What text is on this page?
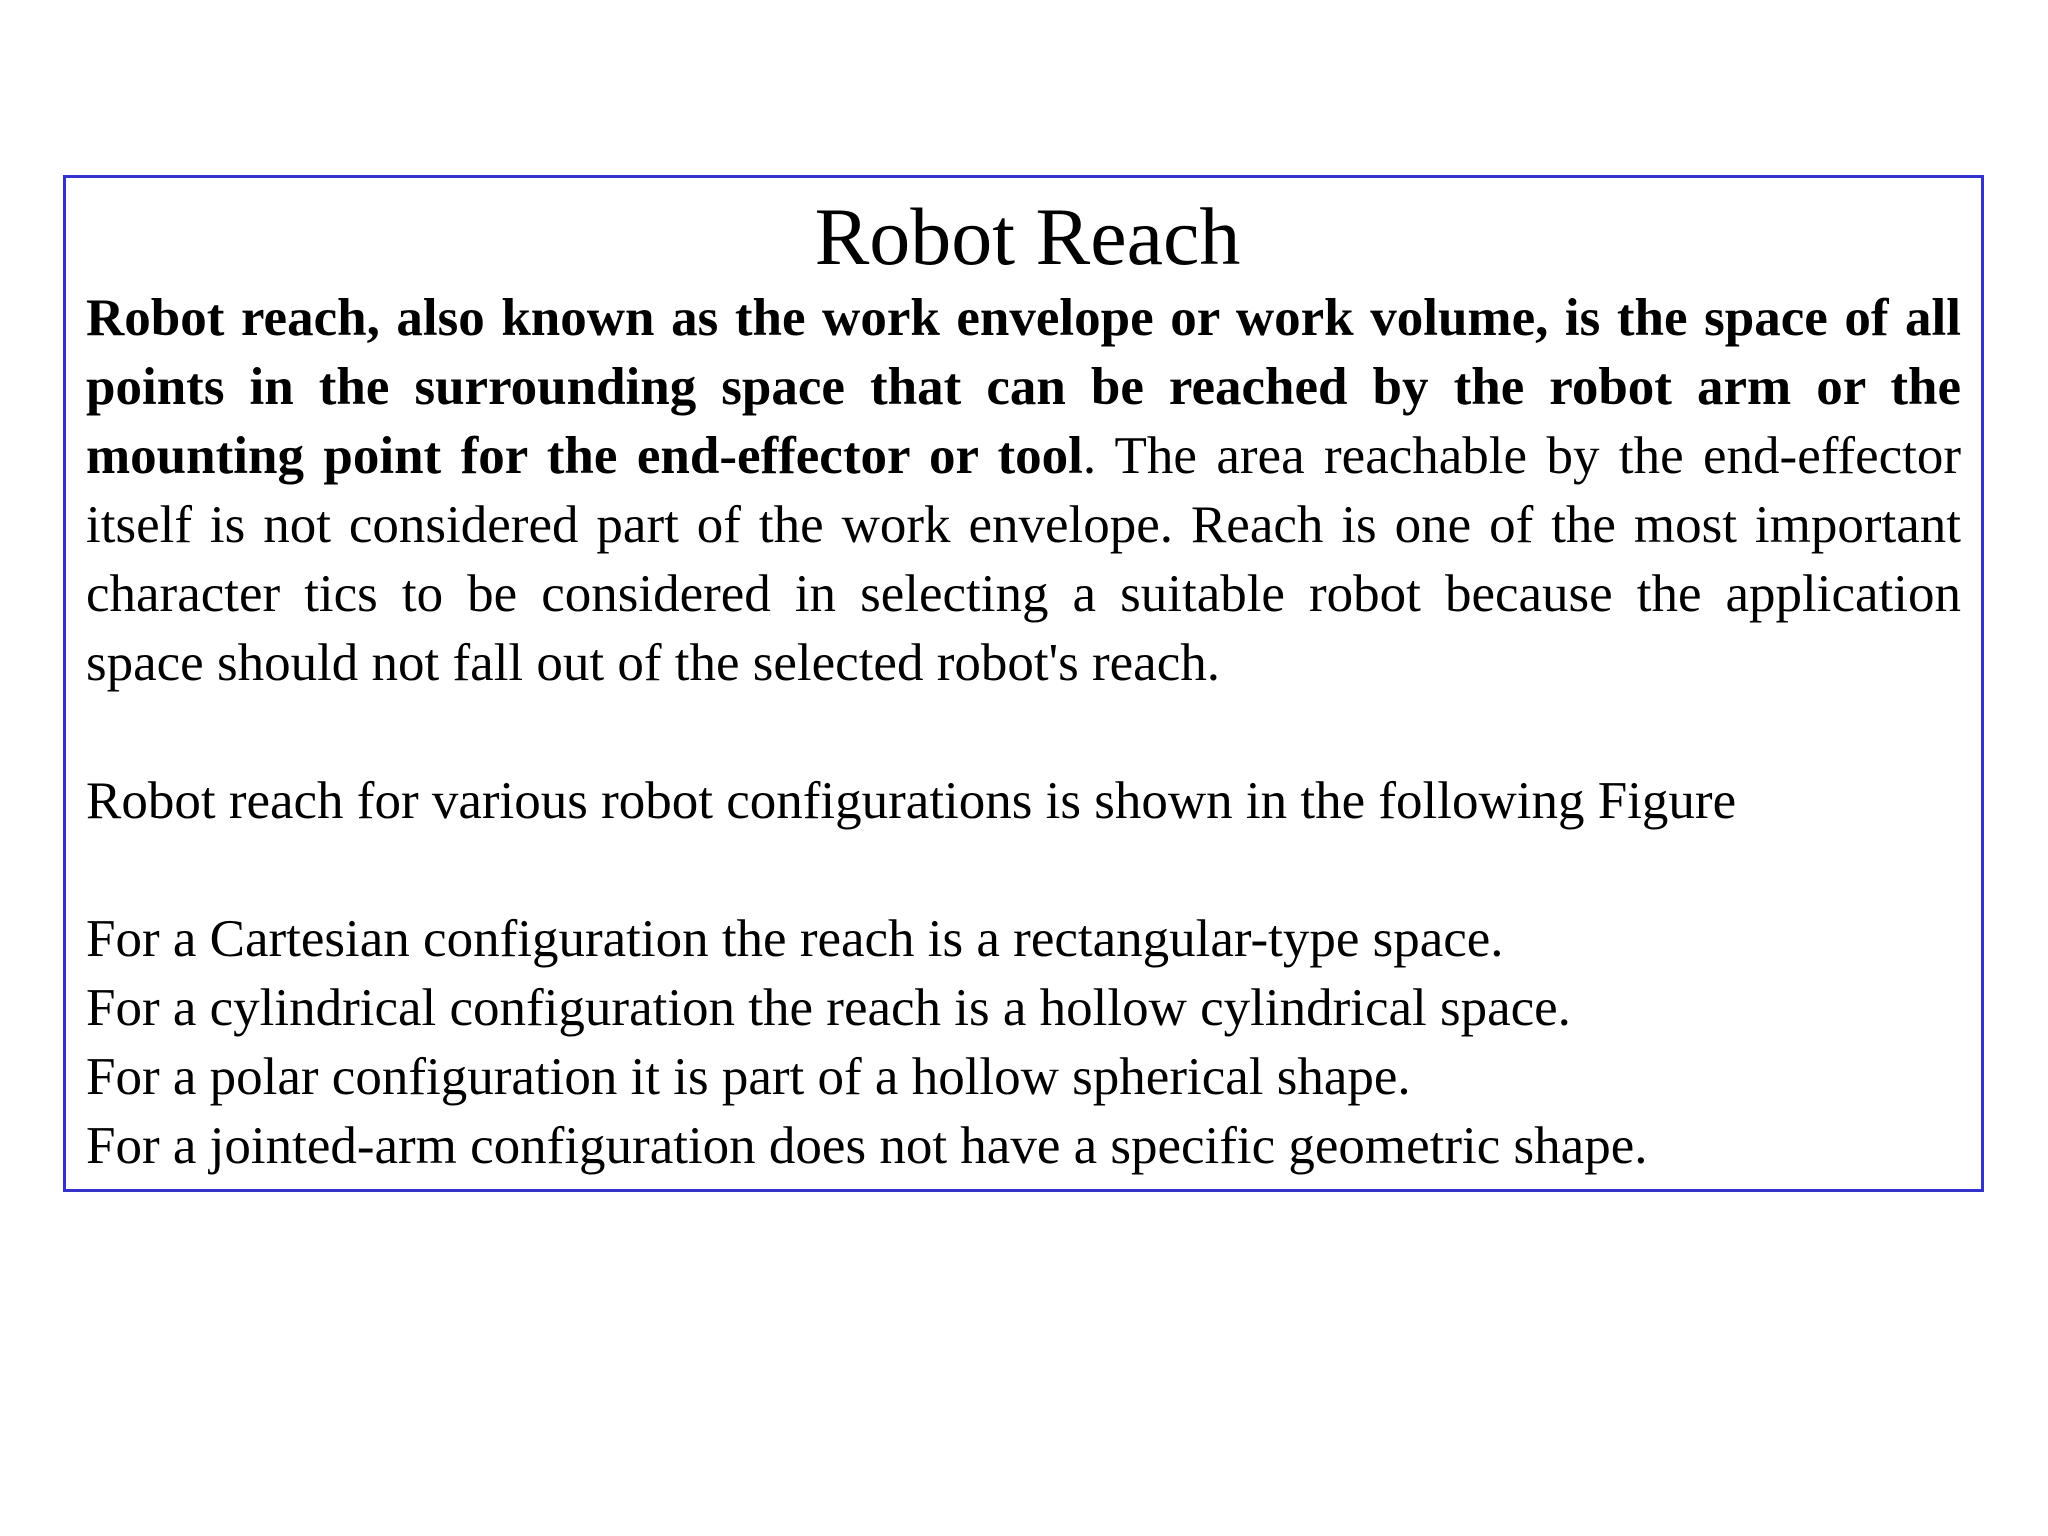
Robot Reach

Robot reach, also known as the work envelope or work volume, is the space of all points in the surrounding space that can be reached by the robot arm or the mounting point for the end-effector or tool. The area reachable by the end-effector itself is not considered part of the work envelope. Reach is one of the most important character tics to be considered in selecting a suitable robot because the application space should not fall out of the selected robot's reach.

Robot reach for various robot configurations is shown in the following Figure

For a Cartesian configuration the reach is a rectangular-type space.

For a cylindrical configuration the reach is a hollow cylindrical space.

For a polar configuration it is part of a hollow spherical shape.

For a jointed-arm configuration does not have a specific geometric shape.
